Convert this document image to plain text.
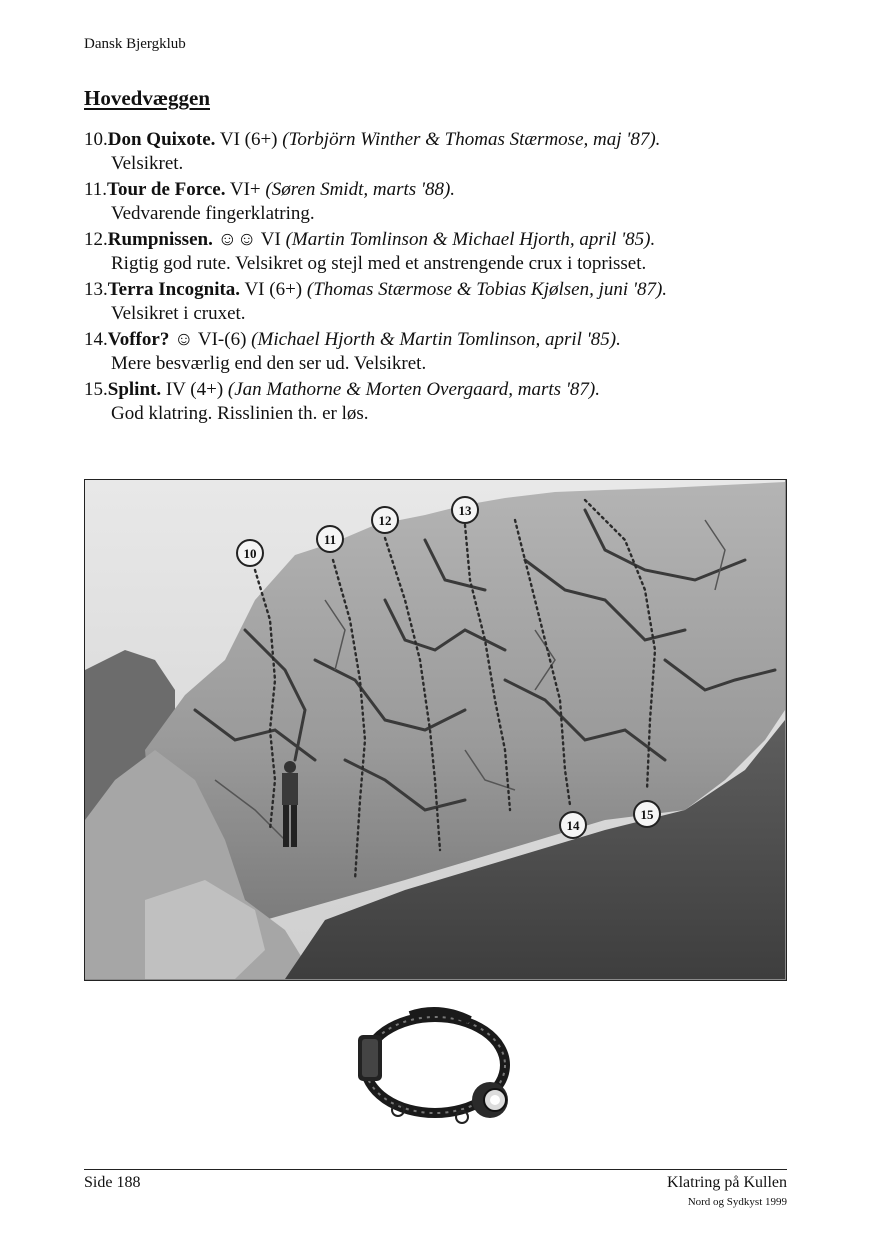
Dansk Bjergklub
Hovedvæggen
10.Don Quixote. VI (6+) (Torbjörn Winther & Thomas Stærmose, maj '87).
Velsikret.
11.Tour de Force. VI+ (Søren Smidt, marts '88).
Vedvarende fingerklatring.
12.Rumpnissen. ☺☺ VI (Martin Tomlinson & Michael Hjorth, april '85).
Rigtig god rute. Velsikret og stejl med et anstrengende crux i toprisset.
13.Terra Incognita. VI (6+) (Thomas Stærmose & Tobias Kjølsen, juni '87).
Velsikret i cruxet.
14.Voffor? ☺ VI-(6) (Michael Hjorth & Martin Tomlinson, april '85).
Mere besværlig end den ser ud. Velsikret.
15.Splint. IV (4+) (Jan Mathorne & Morten Overgaard, marts '87).
God klatring. Risslinien th. er løs.
10
11
12
13
14
15
Side 188	Klatring på Kullen
Nord og Sydkyst 1999
